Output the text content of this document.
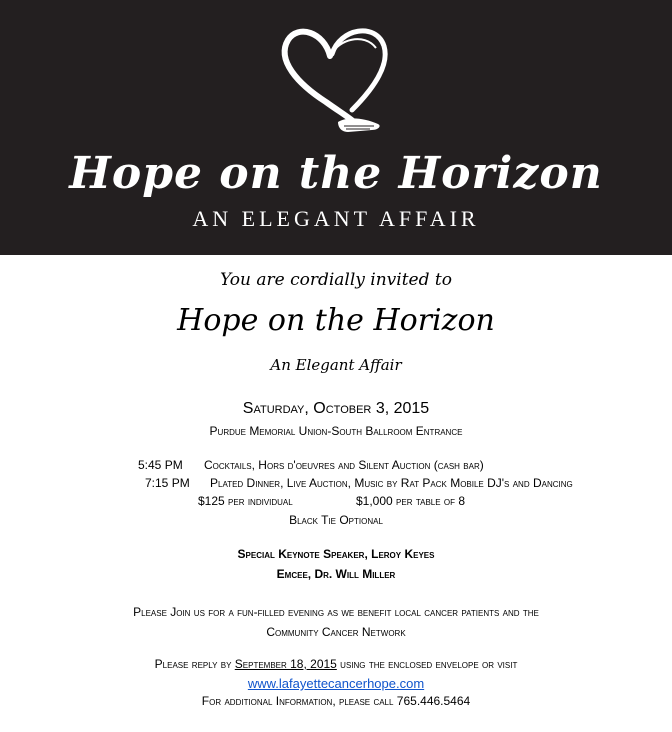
Hope on the Horizon
AN ELEGANT AFFAIR
You are cordially invited to
Hope on the Horizon
An Elegant Affair
Saturday, October 3, 2015
Purdue Memorial Union-South Ballroom Entrance
5:45 PM Cocktails, Hors d'oeuvres and Silent Auction (cash bar)
7:15 PM Plated Dinner, Live Auction, Music by Rat Pack Mobile DJ's and Dancing
$125 per individual	$1,000 per table of 8
Black Tie Optional
Special Keynote Speaker, Leroy Keyes
Emcee, Dr. Will Miller
Please Join us for a fun-filled evening as we benefit local cancer patients and the
Community Cancer Network
Please reply by September 18, 2015 using the enclosed envelope or visit
www.lafayettecancerhope.com
For additional Information, please call 765.446.5464
